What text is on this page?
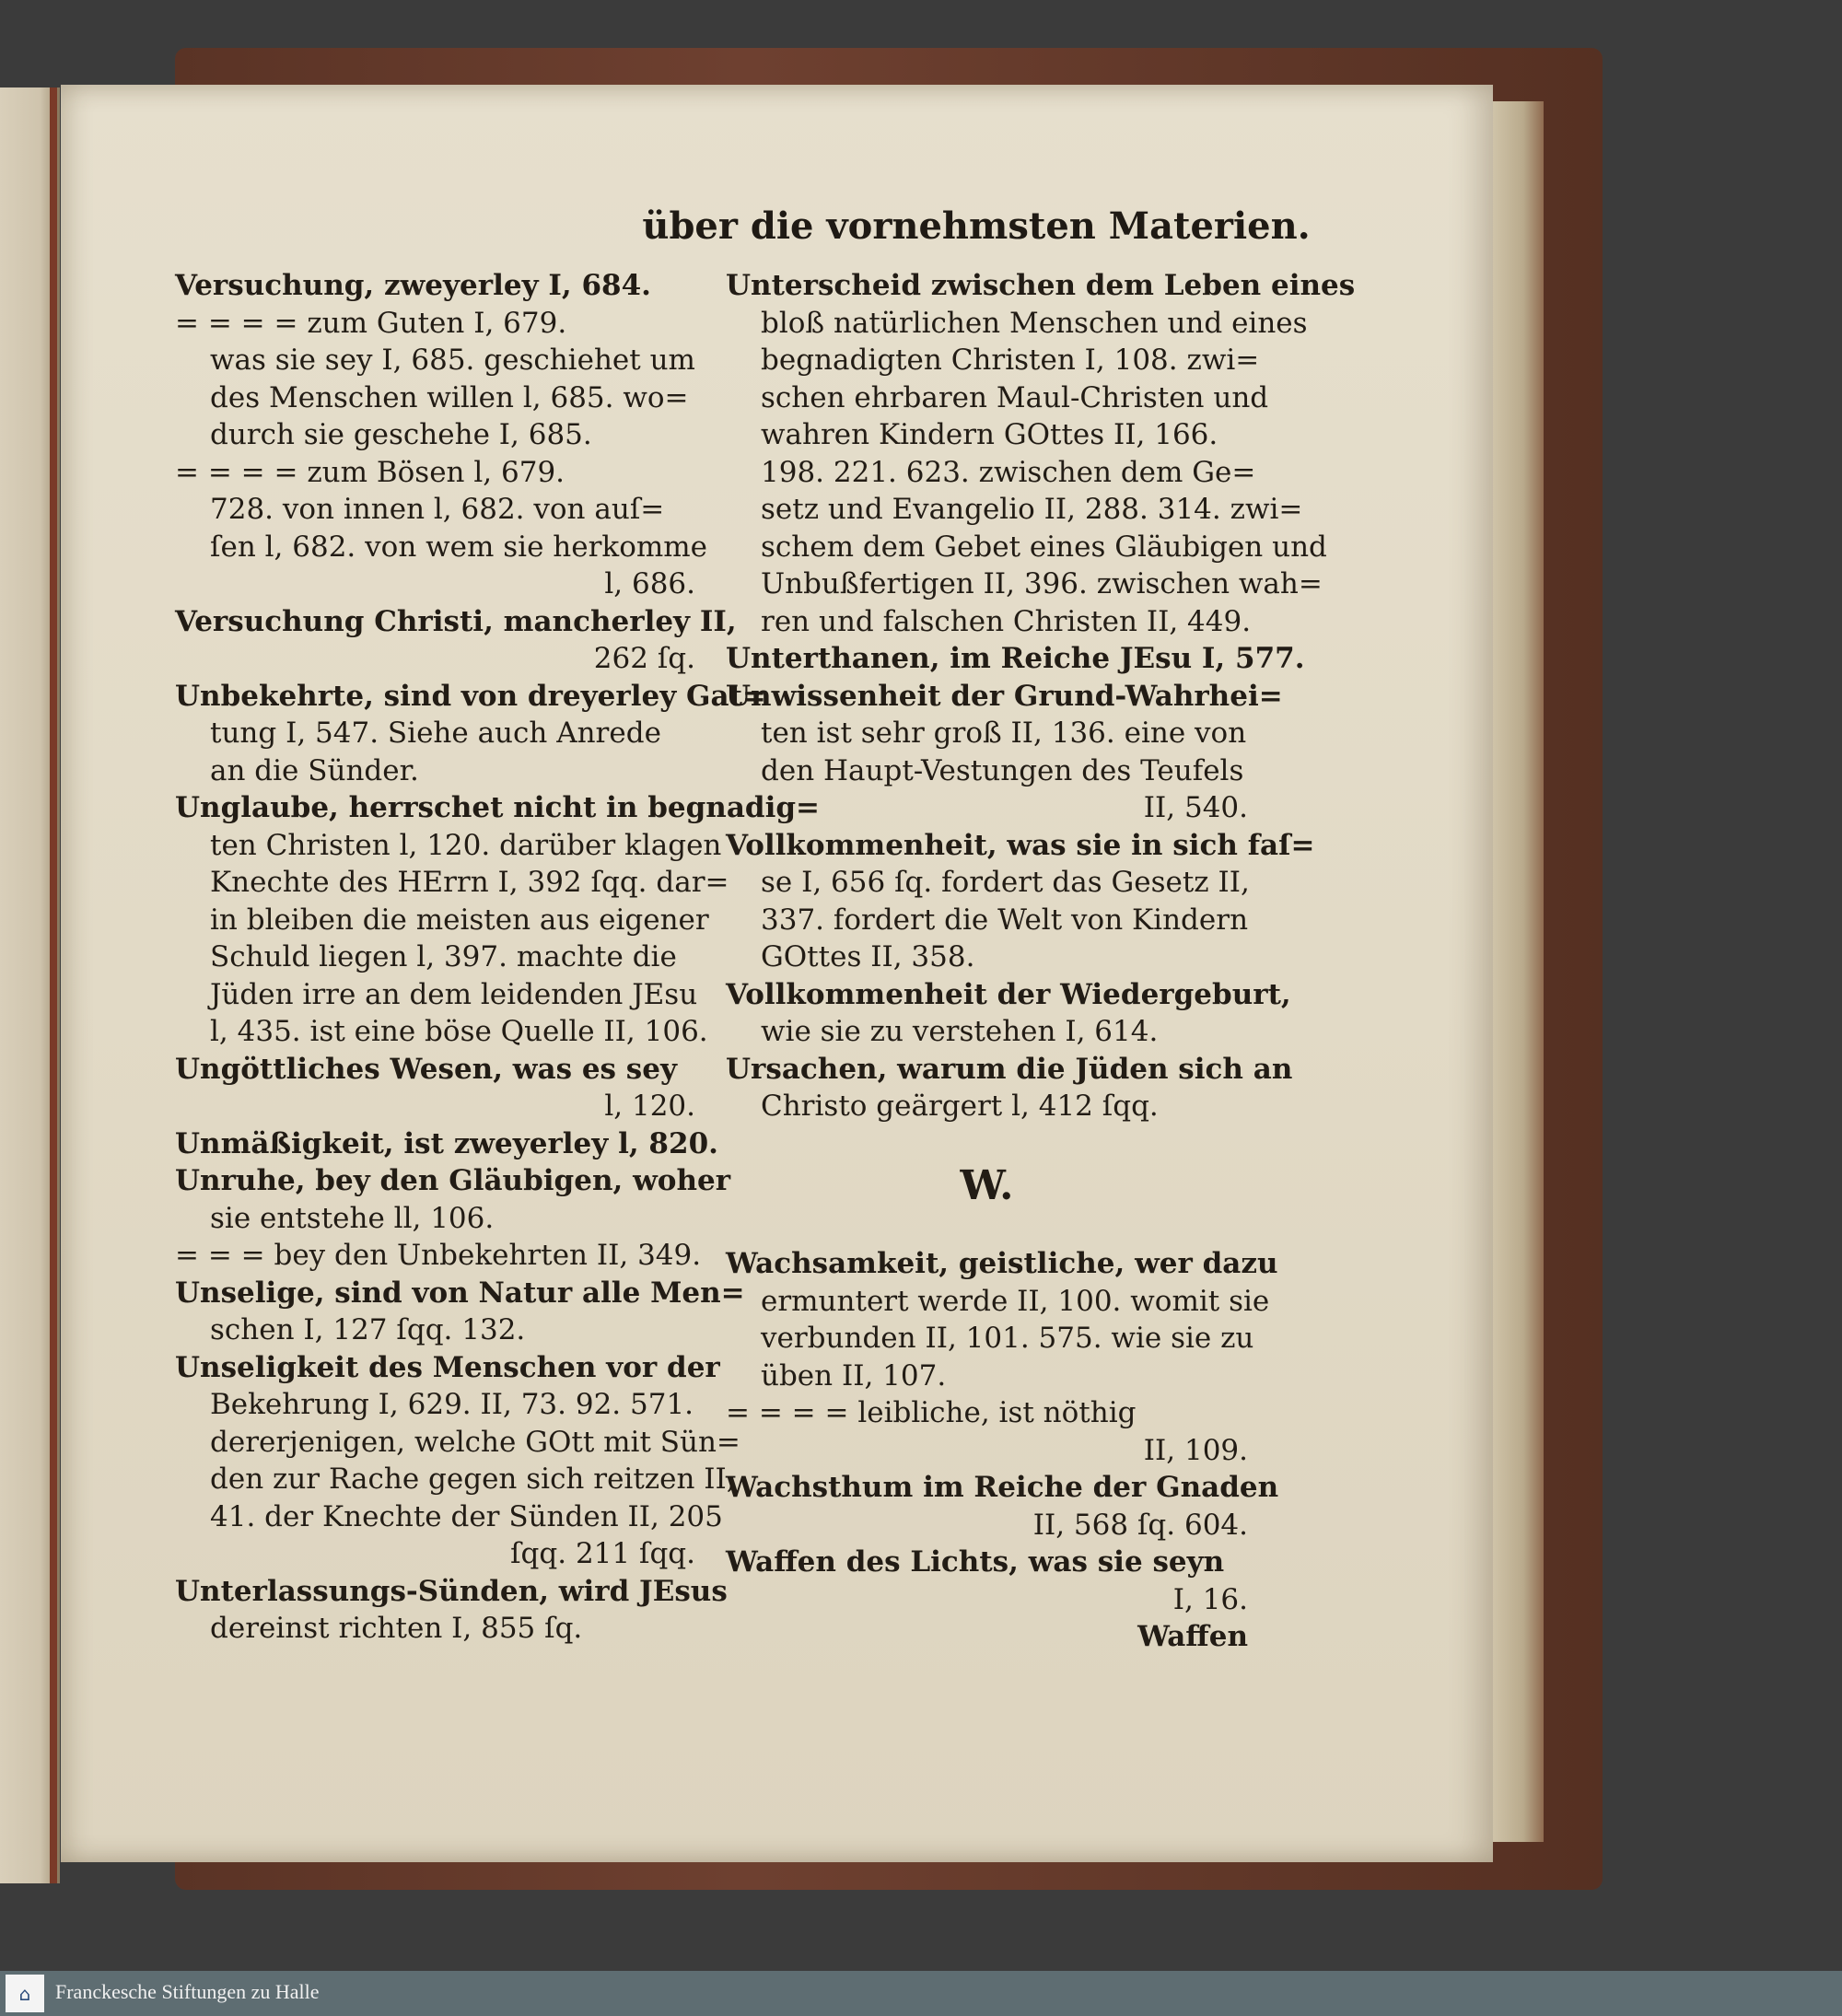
über die vornehmsten Materien.
Versuchung, zweyerley I, 684.
= = = = zum Guten I, 679.
was sie sey I, 685. geschiehet um
des Menschen willen l, 685. wo=
durch sie geschehe I, 685.
= = = = zum Bösen l, 679.
728. von innen l, 682. von auſ=
ſen l, 682. von wem sie herkomme
l, 686.
Versuchung Christi, mancherley II,
262 ſq.
Unbekehrte, sind von dreyerley Gat=
tung I, 547. Siehe auch Anrede
an die Sünder.
Unglaube, herrschet nicht in begnadig=
ten Christen l, 120. darüber klagen
Knechte des HErrn I, 392 ſqq. dar=
in bleiben die meisten aus eigener
Schuld liegen l, 397. machte die
Jüden irre an dem leidenden JEsu
l, 435. ist eine böse Quelle II, 106.
Ungöttliches Wesen, was es sey
l, 120.
Unmäßigkeit, ist zweyerley l, 820.
Unruhe, bey den Gläubigen, woher
sie entstehe ll, 106.
= = = bey den Unbekehrten II, 349.
Unselige, sind von Natur alle Men=
schen I, 127 ſqq. 132.
Unseligkeit des Menschen vor der
Bekehrung I, 629. II, 73. 92. 571.
dererjenigen, welche GOtt mit Sün=
den zur Rache gegen sich reitzen II,
41. der Knechte der Sünden II, 205
ſqq. 211 ſqq.
Unterlassungs-Sünden, wird JEsus
dereinst richten I, 855 ſq.
Unterscheid zwischen dem Leben eines
bloß natürlichen Menschen und eines
begnadigten Christen I, 108. zwi=
schen ehrbaren Maul-Christen und
wahren Kindern GOttes II, 166.
198. 221. 623. zwischen dem Ge=
setz und Evangelio II, 288. 314. zwi=
schem dem Gebet eines Gläubigen und
Unbußfertigen II, 396. zwischen wah=
ren und falschen Christen II, 449.
Unterthanen, im Reiche JEsu I, 577.
Unwissenheit der Grund-Wahrhei=
ten ist sehr groß II, 136. eine von
den Haupt-Vestungen des Teufels
II, 540.
Vollkommenheit, was sie in sich faſ=
se I, 656 ſq. fordert das Gesetz II,
337. fordert die Welt von Kindern
GOttes II, 358.
Vollkommenheit der Wiedergeburt,
wie sie zu verstehen I, 614.
Ursachen, warum die Jüden sich an
Christo geärgert l, 412 ſqq.
W.
Wachsamkeit, geistliche, wer dazu
ermuntert werde II, 100. womit sie
verbunden II, 101. 575. wie sie zu
üben II, 107.
= = = = leibliche, ist nöthig
II, 109.
Wachsthum im Reiche der Gnaden
II, 568 ſq. 604.
Waffen des Lichts, was sie seyn
I, 16.
Waffen
⌂ Franckesche Stiftungen zu Halle
